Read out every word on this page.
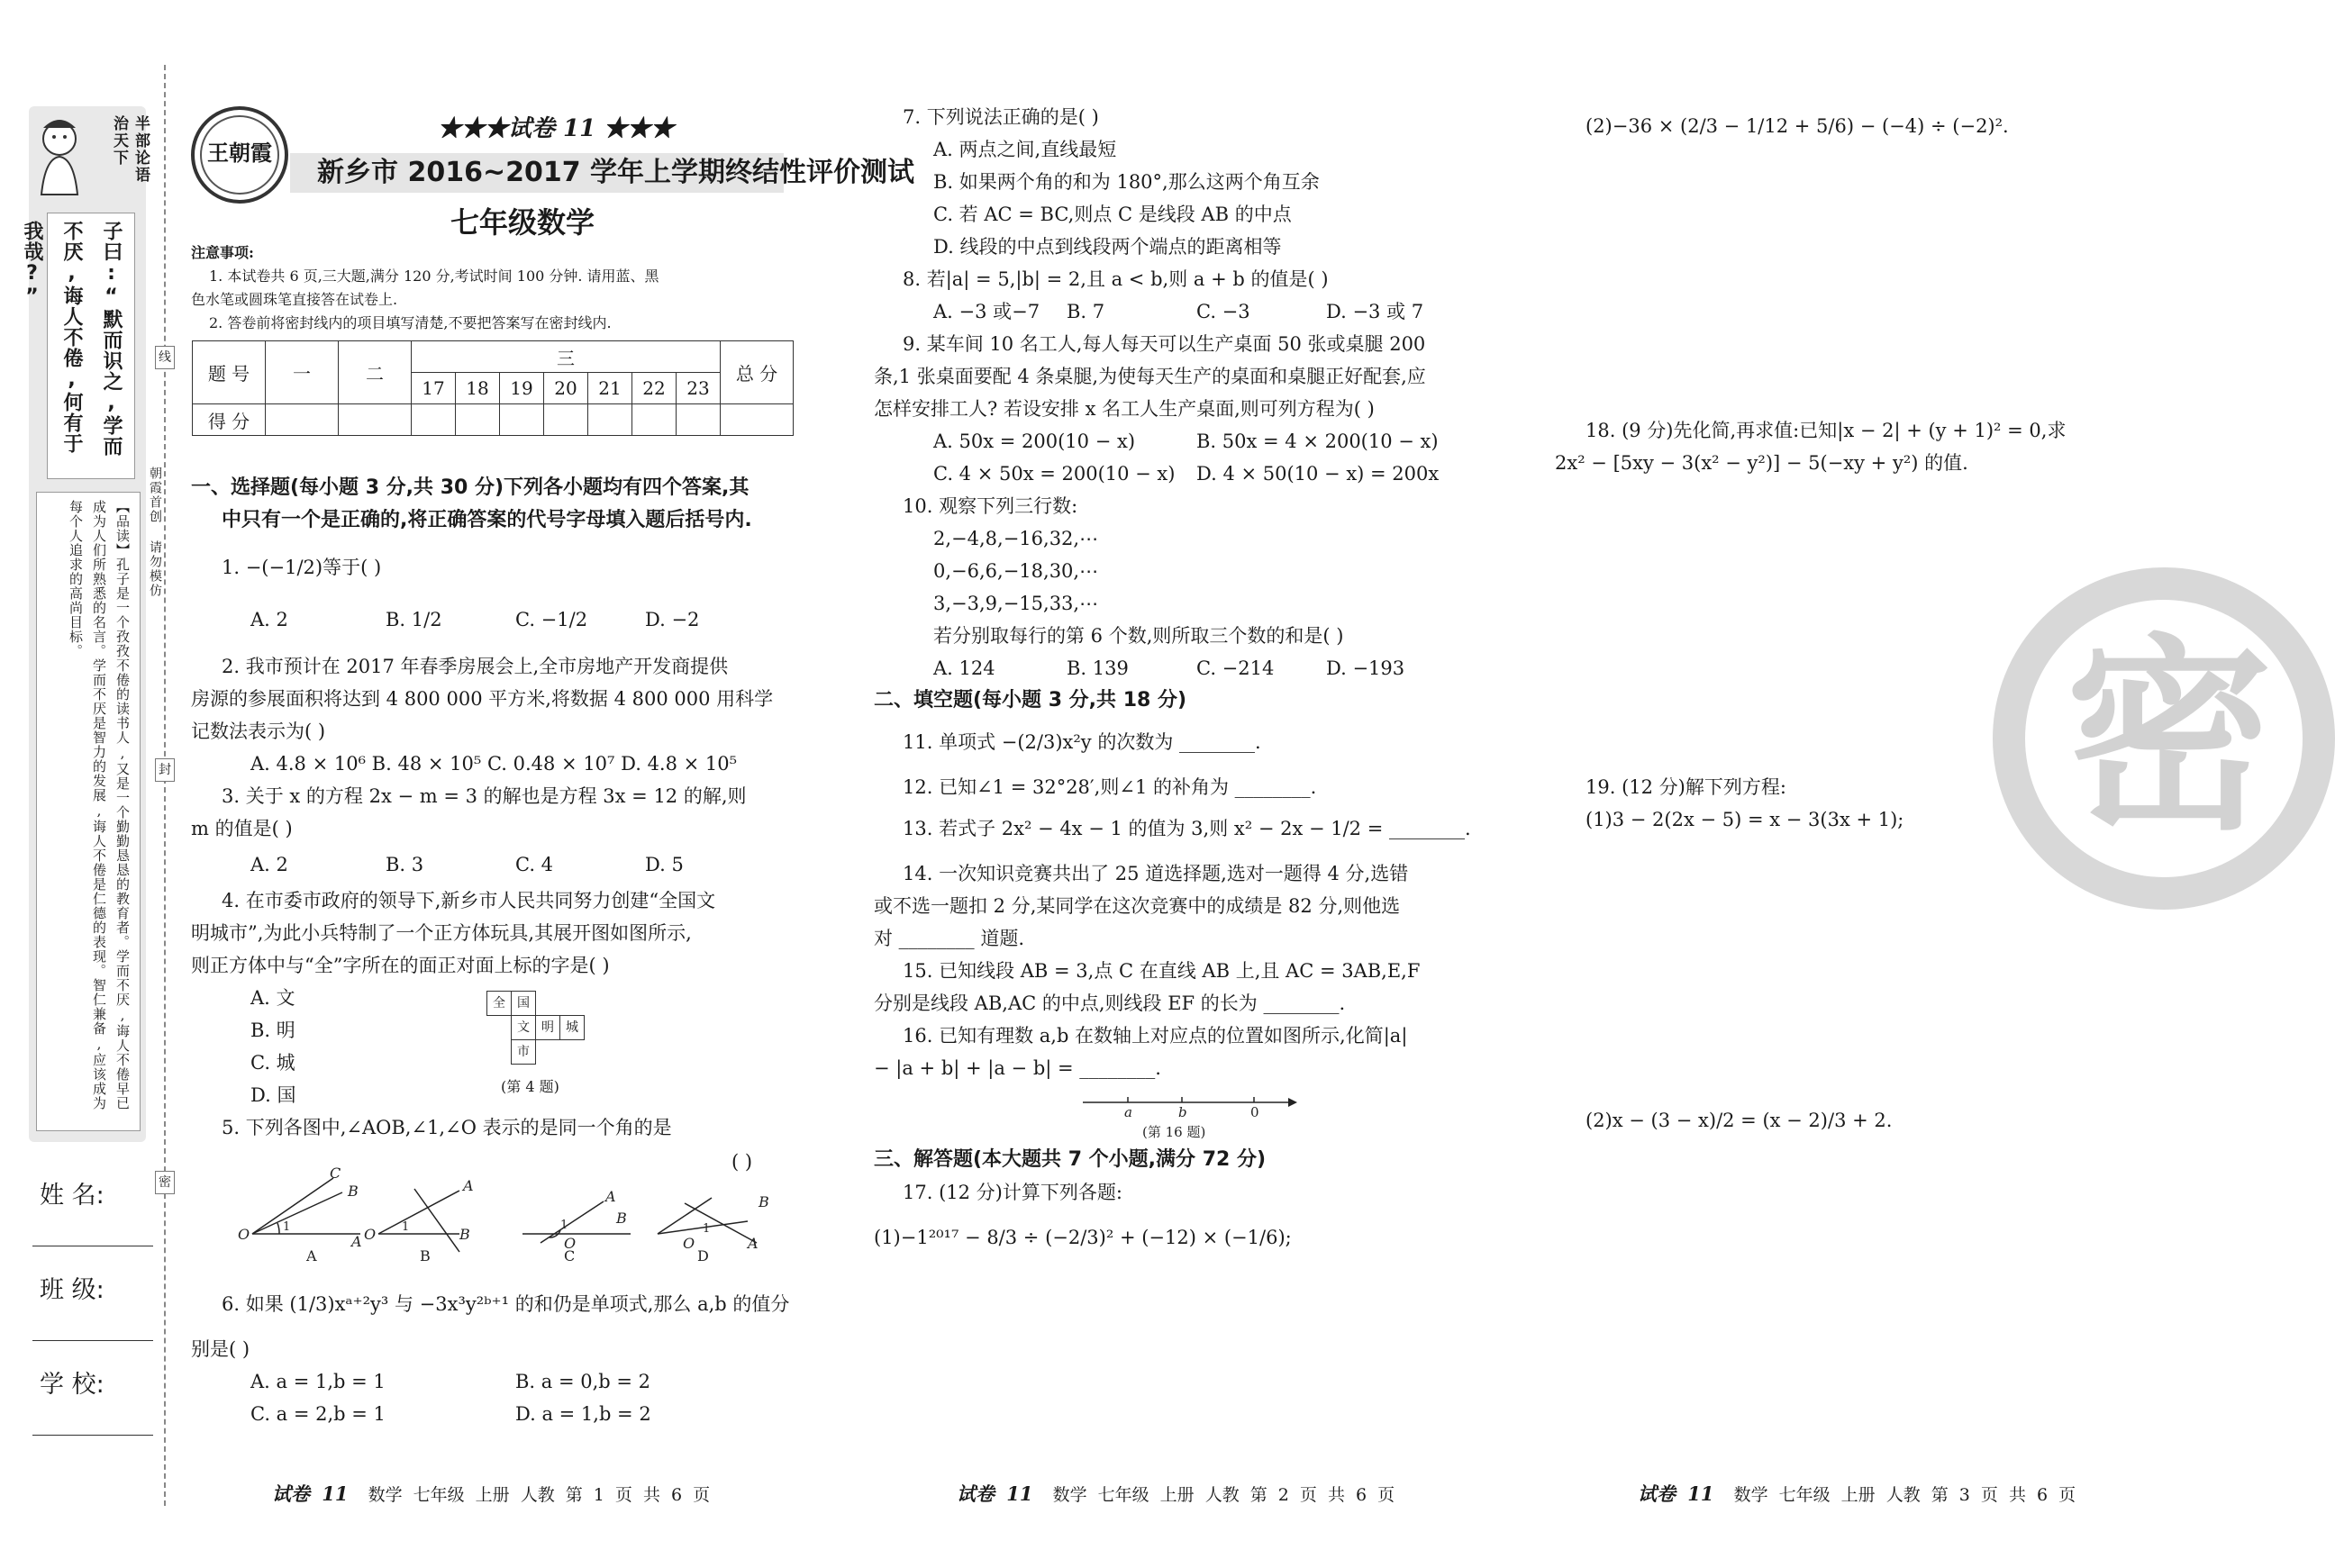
半部论语 治天下
子曰:“默而识之,学而不厌,诲人不倦,何有于我哉?”
【品读】孔子是一个孜孜不倦的读书人,又是一个勤勤恳恳的教育者。学而不厌,诲人不倦早已成为人们所熟悉的名言。学而不厌是智力的发展,诲人不倦是仁德的表现。智仁兼备,应该成为每个人追求的高尚目标。
姓 名:
班 级:
学 校:
线
封
密
朝霞首创 请勿模仿
王朝霞
★★★试卷 11 ★★★
新乡市 2016~2017 学年上学期终结性评价测试
七年级数学
注意事项:
1. 本试卷共 6 页,三大题,满分 120 分,考试时间 100 分钟. 请用蓝、黑
色水笔或圆珠笔直接答在试卷上.
2. 答卷前将密封线内的项目填写清楚,不要把答案写在密封线内.
题 号	一	二	三							总 分
			17	18	19	20	21	22	23	
得 分										
一、选择题(每小题 3 分,共 30 分)下列各小题均有四个答案,其
中只有一个是正确的,将正确答案的代号字母填入题后括号内.
1. −(−1/2)等于( )
A. 2	B. 1/2	C. −1/2	D. −2
2. 我市预计在 2017 年春季房展会上,全市房地产开发商提供
房源的参展面积将达到 4 800 000 平方米,将数据 4 800 000 用科学
记数法表示为( )
A. 4.8 × 10⁶ B. 48 × 10⁵ C. 0.48 × 10⁷ D. 4.8 × 10⁵
3. 关于 x 的方程 2x − m = 3 的解也是方程 3x = 12 的解,则
m 的值是( )
A. 2	B. 3	C. 4	D. 5
4. 在市委市政府的领导下,新乡市人民共同努力创建“全国文
明城市”,为此小兵特制了一个正方体玩具,其展开图如图所示,
则正方体中与“全”字所在的面正对面上标的字是( )
A. 文
B. 明
C. 城
D. 国
全 国
文 明 城
市
(第 4 题)
5. 下列各图中,∠AOB,∠1,∠O 表示的是同一个角的是
( )
O
B
C
A
1	O
A
B
1
O
A
B
1
O
B
A
1
A	B	C	D
6. 如果 (1/3)xᵃ⁺²y³ 与 −3x³y²ᵇ⁺¹ 的和仍是单项式,那么 a,b 的值分
别是( )
A. a = 1,b = 1	B. a = 0,b = 2
C. a = 2,b = 1	D. a = 1,b = 2
7. 下列说法正确的是( )
A. 两点之间,直线最短
B. 如果两个角的和为 180°,那么这两个角互余
C. 若 AC = BC,则点 C 是线段 AB 的中点
D. 线段的中点到线段两个端点的距离相等
8. 若|a| = 5,|b| = 2,且 a < b,则 a + b 的值是( )
A. −3 或−7 B. 7	C. −3	D. −3 或 7
9. 某车间 10 名工人,每人每天可以生产桌面 50 张或桌腿 200
条,1 张桌面要配 4 条桌腿,为使每天生产的桌面和桌腿正好配套,应
怎样安排工人? 若设安排 x 名工人生产桌面,则可列方程为( )
A. 50x = 200(10 − x)	B. 50x = 4 × 200(10 − x)
C. 4 × 50x = 200(10 − x) D. 4 × 50(10 − x) = 200x
10. 观察下列三行数:
2,−4,8,−16,32,⋯
0,−6,6,−18,30,⋯
3,−3,9,−15,33,⋯
若分别取每行的第 6 个数,则所取三个数的和是( )
A. 124	B. 139	C. −214	D. −193
二、填空题(每小题 3 分,共 18 分)
11. 单项式 −(2/3)x²y 的次数为 ________.
12. 已知∠1 = 32°28′,则∠1 的补角为 ________.
13. 若式子 2x² − 4x − 1 的值为 3,则 x² − 2x − 1/2 = ________.
14. 一次知识竞赛共出了 25 道选择题,选对一题得 4 分,选错
或不选一题扣 2 分,某同学在这次竞赛中的成绩是 82 分,则他选
对 ________ 道题.
15. 已知线段 AB = 3,点 C 在直线 AB 上,且 AC = 3AB,E,F
分别是线段 AB,AC 的中点,则线段 EF 的长为 ________.
16. 已知有理数 a,b 在数轴上对应点的位置如图所示,化简|a|
− |a + b| + |a − b| = ________.
a	b	0
(第 16 题)
三、解答题(本大题共 7 个小题,满分 72 分)
17. (12 分)计算下列各题:
(1)−1²⁰¹⁷ − 8/3 ÷ (−2/3)² + (−12) × (−1/6);
密
(2)−36 × (2/3 − 1/12 + 5/6) − (−4) ÷ (−2)².
18. (9 分)先化简,再求值:已知|x − 2| + (y + 1)² = 0,求
2x² − [5xy − 3(x² − y²)] − 5(−xy + y²) 的值.
19. (12 分)解下列方程:
(1)3 − 2(2x − 5) = x − 3(3x + 1);
(2)x − (3 − x)/2 = (x − 2)/3 + 2.
试卷 11 数学 七年级 上册 人教 第 1 页 共 6 页	试卷 11 数学 七年级 上册 人教 第 2 页 共 6 页	试卷 11 数学 七年级 上册 人教 第 3 页 共 6 页
